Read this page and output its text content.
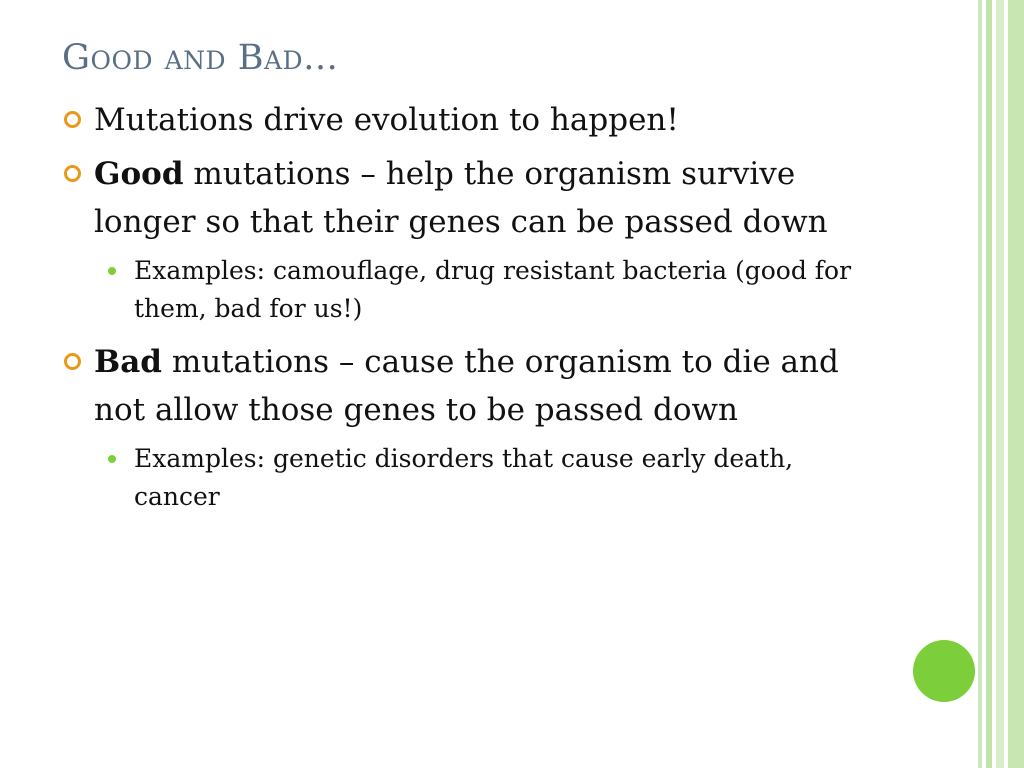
Good and Bad…
Mutations drive evolution to happen!
Good mutations – help the organism survive longer so that their genes can be passed down
Examples: camouflage, drug resistant bacteria (good for them, bad for us!)
Bad mutations – cause the organism to die and not allow those genes to be passed down
Examples: genetic disorders that cause early death, cancer
